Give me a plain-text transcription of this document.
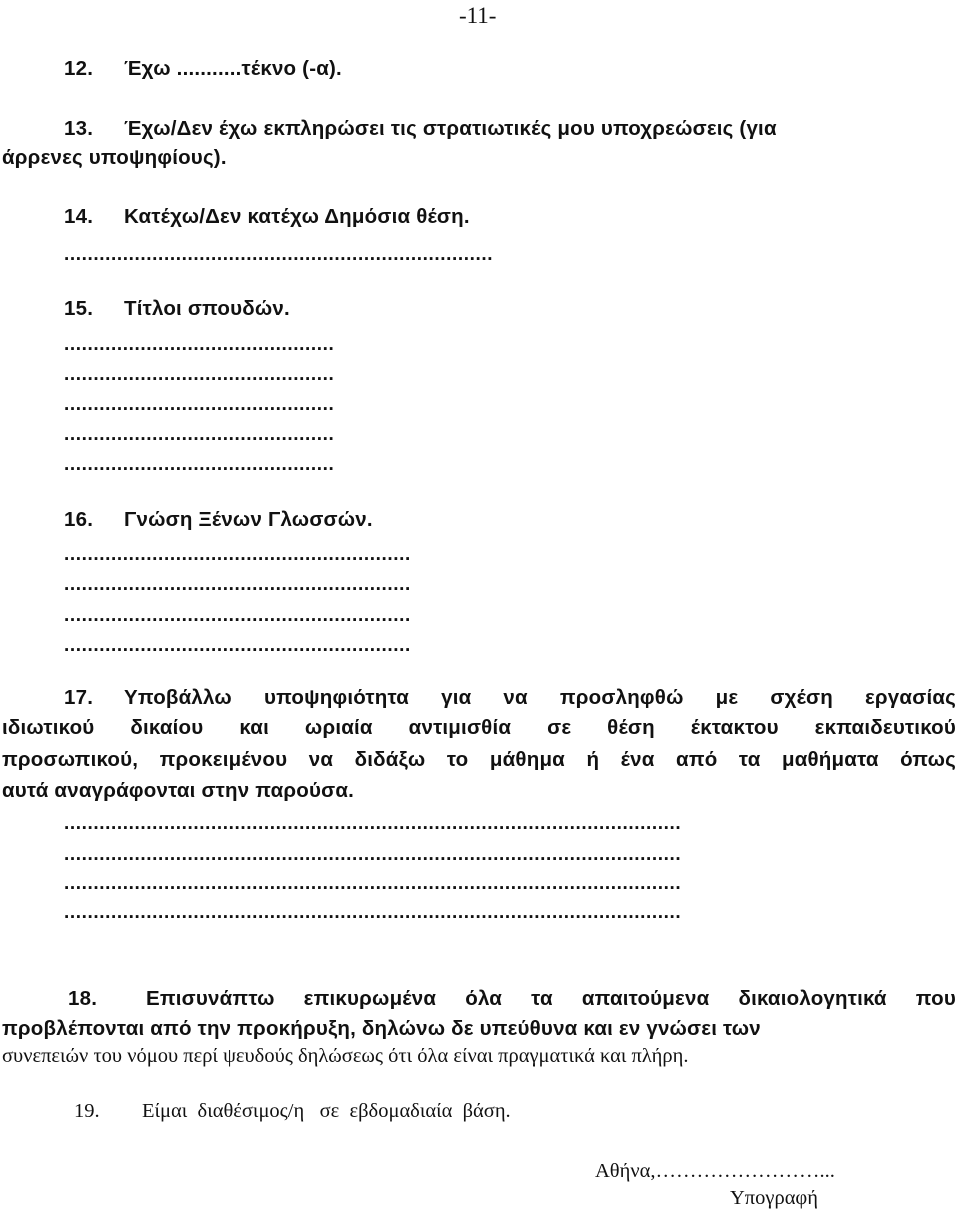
-11-
12. Έχω ...........τέκνο (-α).
13. Έχω/Δεν έχω εκπληρώσει τις στρατιωτικές μου υποχρεώσεις (για
άρρενες υποψηφίους).
14. Κατέχω/Δεν κατέχω Δημόσια θέση.
.........................................................................
15. Τίτλοι σπουδών.
..............................................
..............................................
..............................................
..............................................
..............................................
16. Γνώση Ξένων Γλωσσών.
...........................................................
...........................................................
...........................................................
...........................................................
17. Υποβάλλω υποψηφιότητα για να προσληφθώ με σχέση εργασίας
ιδιωτικού δικαίου και ωριαία αντιμισθία σε θέση έκτακτου εκπαιδευτικού
προσωπικού, προκειμένου να διδάξω το μάθημα ή ένα από τα μαθήματα όπως
αυτά αναγράφονται στην παρούσα.
.........................................................................................................
.........................................................................................................
.........................................................................................................
.........................................................................................................
18. Επισυνάπτω επικυρωμένα όλα τα απαιτούμενα δικαιολογητικά που
προβλέπονται από την προκήρυξη, δηλώνω δε υπεύθυνα και εν γνώσει των
συνεπειών του νόμου περί ψευδούς δηλώσεως ότι όλα είναι πραγματικά και πλήρη.
19. Είμαι  διαθέσιμος/η   σε  εβδομαδιαία  βάση.
Αθήνα,……………………...
Υπογραφή
